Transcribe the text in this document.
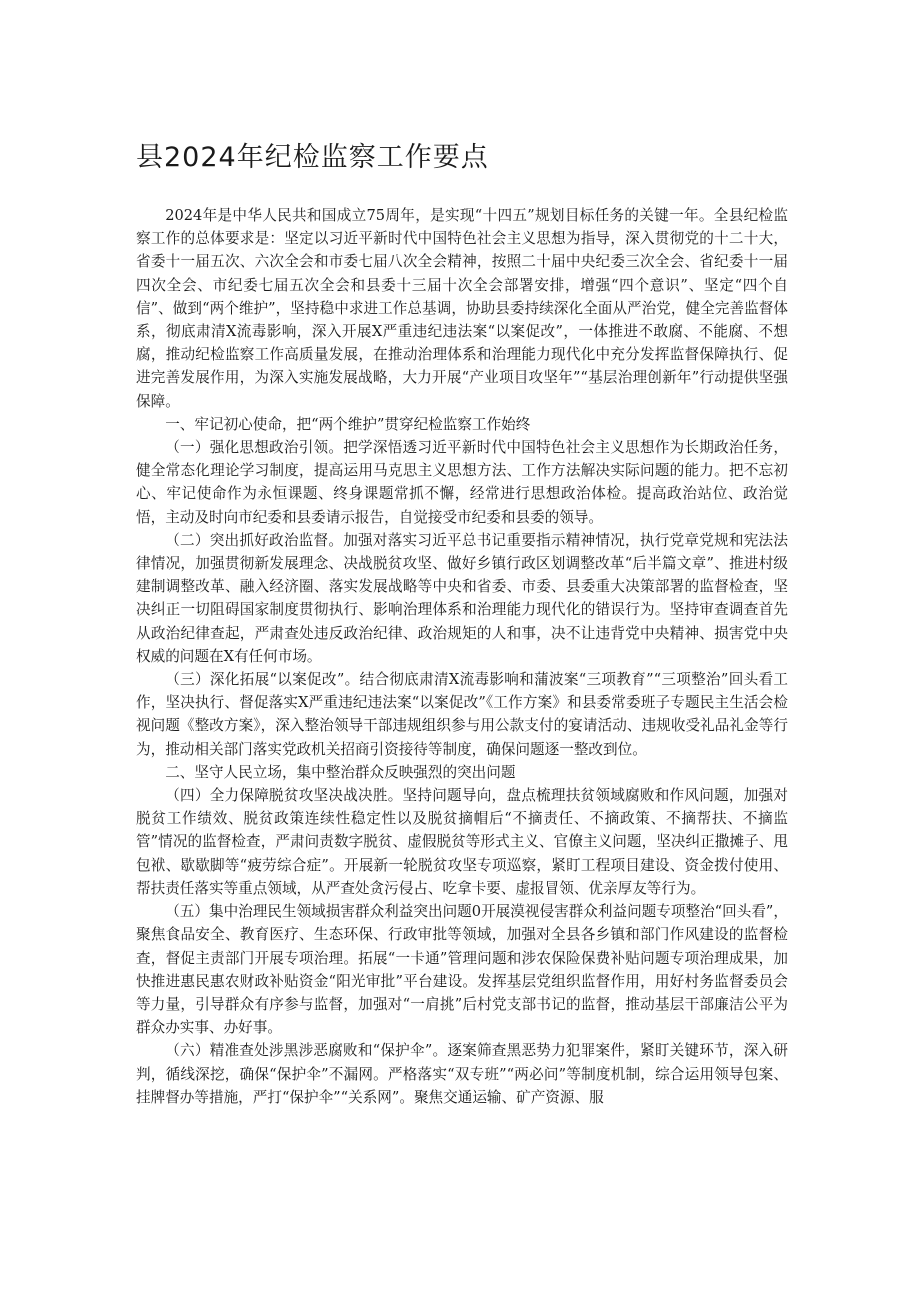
县2024年纪检监察工作要点

2024年是中华人民共和国成立75周年，是实现“十四五”规划目标任务的关键一年。全县纪检监察工作的总体要求是：坚定以习近平新时代中国特色社会主义思想为指导，深入贯彻党的十二十大，省委十一届五次、六次全会和市委七届八次全会精神，按照二十届中央纪委三次全会、省纪委十一届四次全会、市纪委七届五次全会和县委十三届十次全会部署安排，增强“四个意识”、坚定“四个自信”、做到“两个维护”，坚持稳中求进工作总基调，协助县委持续深化全面从严治党，健全完善监督体系，彻底肃清X流毒影响，深入开展X严重违纪违法案“以案促改”，一体推进不敢腐、不能腐、不想腐，推动纪检监察工作高质量发展，在推动治理体系和治理能力现代化中充分发挥监督保障执行、促进完善发展作用，为深入实施发展战略，大力开展“产业项目攻坚年”“基层治理创新年”行动提供坚强保障。

一、牢记初心使命，把“两个维护”贯穿纪检监察工作始终

（一）强化思想政治引领。把学深悟透习近平新时代中国特色社会主义思想作为长期政治任务，健全常态化理论学习制度，提高运用马克思主义思想方法、工作方法解决实际问题的能力。把不忘初心、牢记使命作为永恒课题、终身课题常抓不懈，经常进行思想政治体检。提高政治站位、政治觉悟，主动及时向市纪委和县委请示报告，自觉接受市纪委和县委的领导。

（二）突出抓好政治监督。加强对落实习近平总书记重要指示精神情况，执行党章党规和宪法法律情况，加强贯彻新发展理念、决战脱贫攻坚、做好乡镇行政区划调整改革“后半篇文章”、推进村级建制调整改革、融入经济圈、落实发展战略等中央和省委、市委、县委重大决策部署的监督检查，坚决纠正一切阻碍国家制度贯彻执行、影响治理体系和治理能力现代化的错误行为。坚持审查调查首先从政治纪律查起，严肃查处违反政治纪律、政治规矩的人和事，决不让违背党中央精神、损害党中央权威的问题在X有任何市场。

（三）深化拓展“以案促改”。结合彻底肃清X流毒影响和蒲波案“三项教育”“三项整治”回头看工作，坚决执行、督促落实X严重违纪违法案“以案促改”《工作方案》和县委常委班子专题民主生活会检视问题《整改方案》，深入整治领导干部违规组织参与用公款支付的宴请活动、违规收受礼品礼金等行为，推动相关部门落实党政机关招商引资接待等制度，确保问题逐一整改到位。

二、坚守人民立场，集中整治群众反映强烈的突出问题

（四）全力保障脱贫攻坚决战决胜。坚持问题导向，盘点梳理扶贫领域腐败和作风问题，加强对脱贫工作绩效、脱贫政策连续性稳定性以及脱贫摘帽后“不摘责任、不摘政策、不摘帮扶、不摘监管”情况的监督检查，严肃问责数字脱贫、虚假脱贫等形式主义、官僚主义问题，坚决纠正撒摊子、甩包袱、歇歇脚等“疲劳综合症”。开展新一轮脱贫攻坚专项巡察，紧盯工程项目建设、资金拨付使用、帮扶责任落实等重点领域，从严查处贪污侵占、吃拿卡要、虚报冒领、优亲厚友等行为。

（五）集中治理民生领域损害群众利益突出问题0开展漠视侵害群众利益问题专项整治“回头看”，聚焦食品安全、教育医疗、生态环保、行政审批等领域，加强对全县各乡镇和部门作风建设的监督检查，督促主责部门开展专项治理。拓展“一卡通”管理问题和涉农保险保费补贴问题专项治理成果，加快推进惠民惠农财政补贴资金“阳光审批”平台建设。发挥基层党组织监督作用，用好村务监督委员会等力量，引导群众有序参与监督，加强对“一肩挑”后村党支部书记的监督，推动基层干部廉洁公平为群众办实事、办好事。

（六）精准查处涉黑涉恶腐败和“保护伞”。逐案筛查黑恶势力犯罪案件，紧盯关键环节，深入研判，循线深挖，确保“保护伞”不漏网。严格落实“双专班”“两必问”等制度机制，综合运用领导包案、挂牌督办等措施，严打“保护伞”“关系网”。聚焦交通运输、矿产资源、服
